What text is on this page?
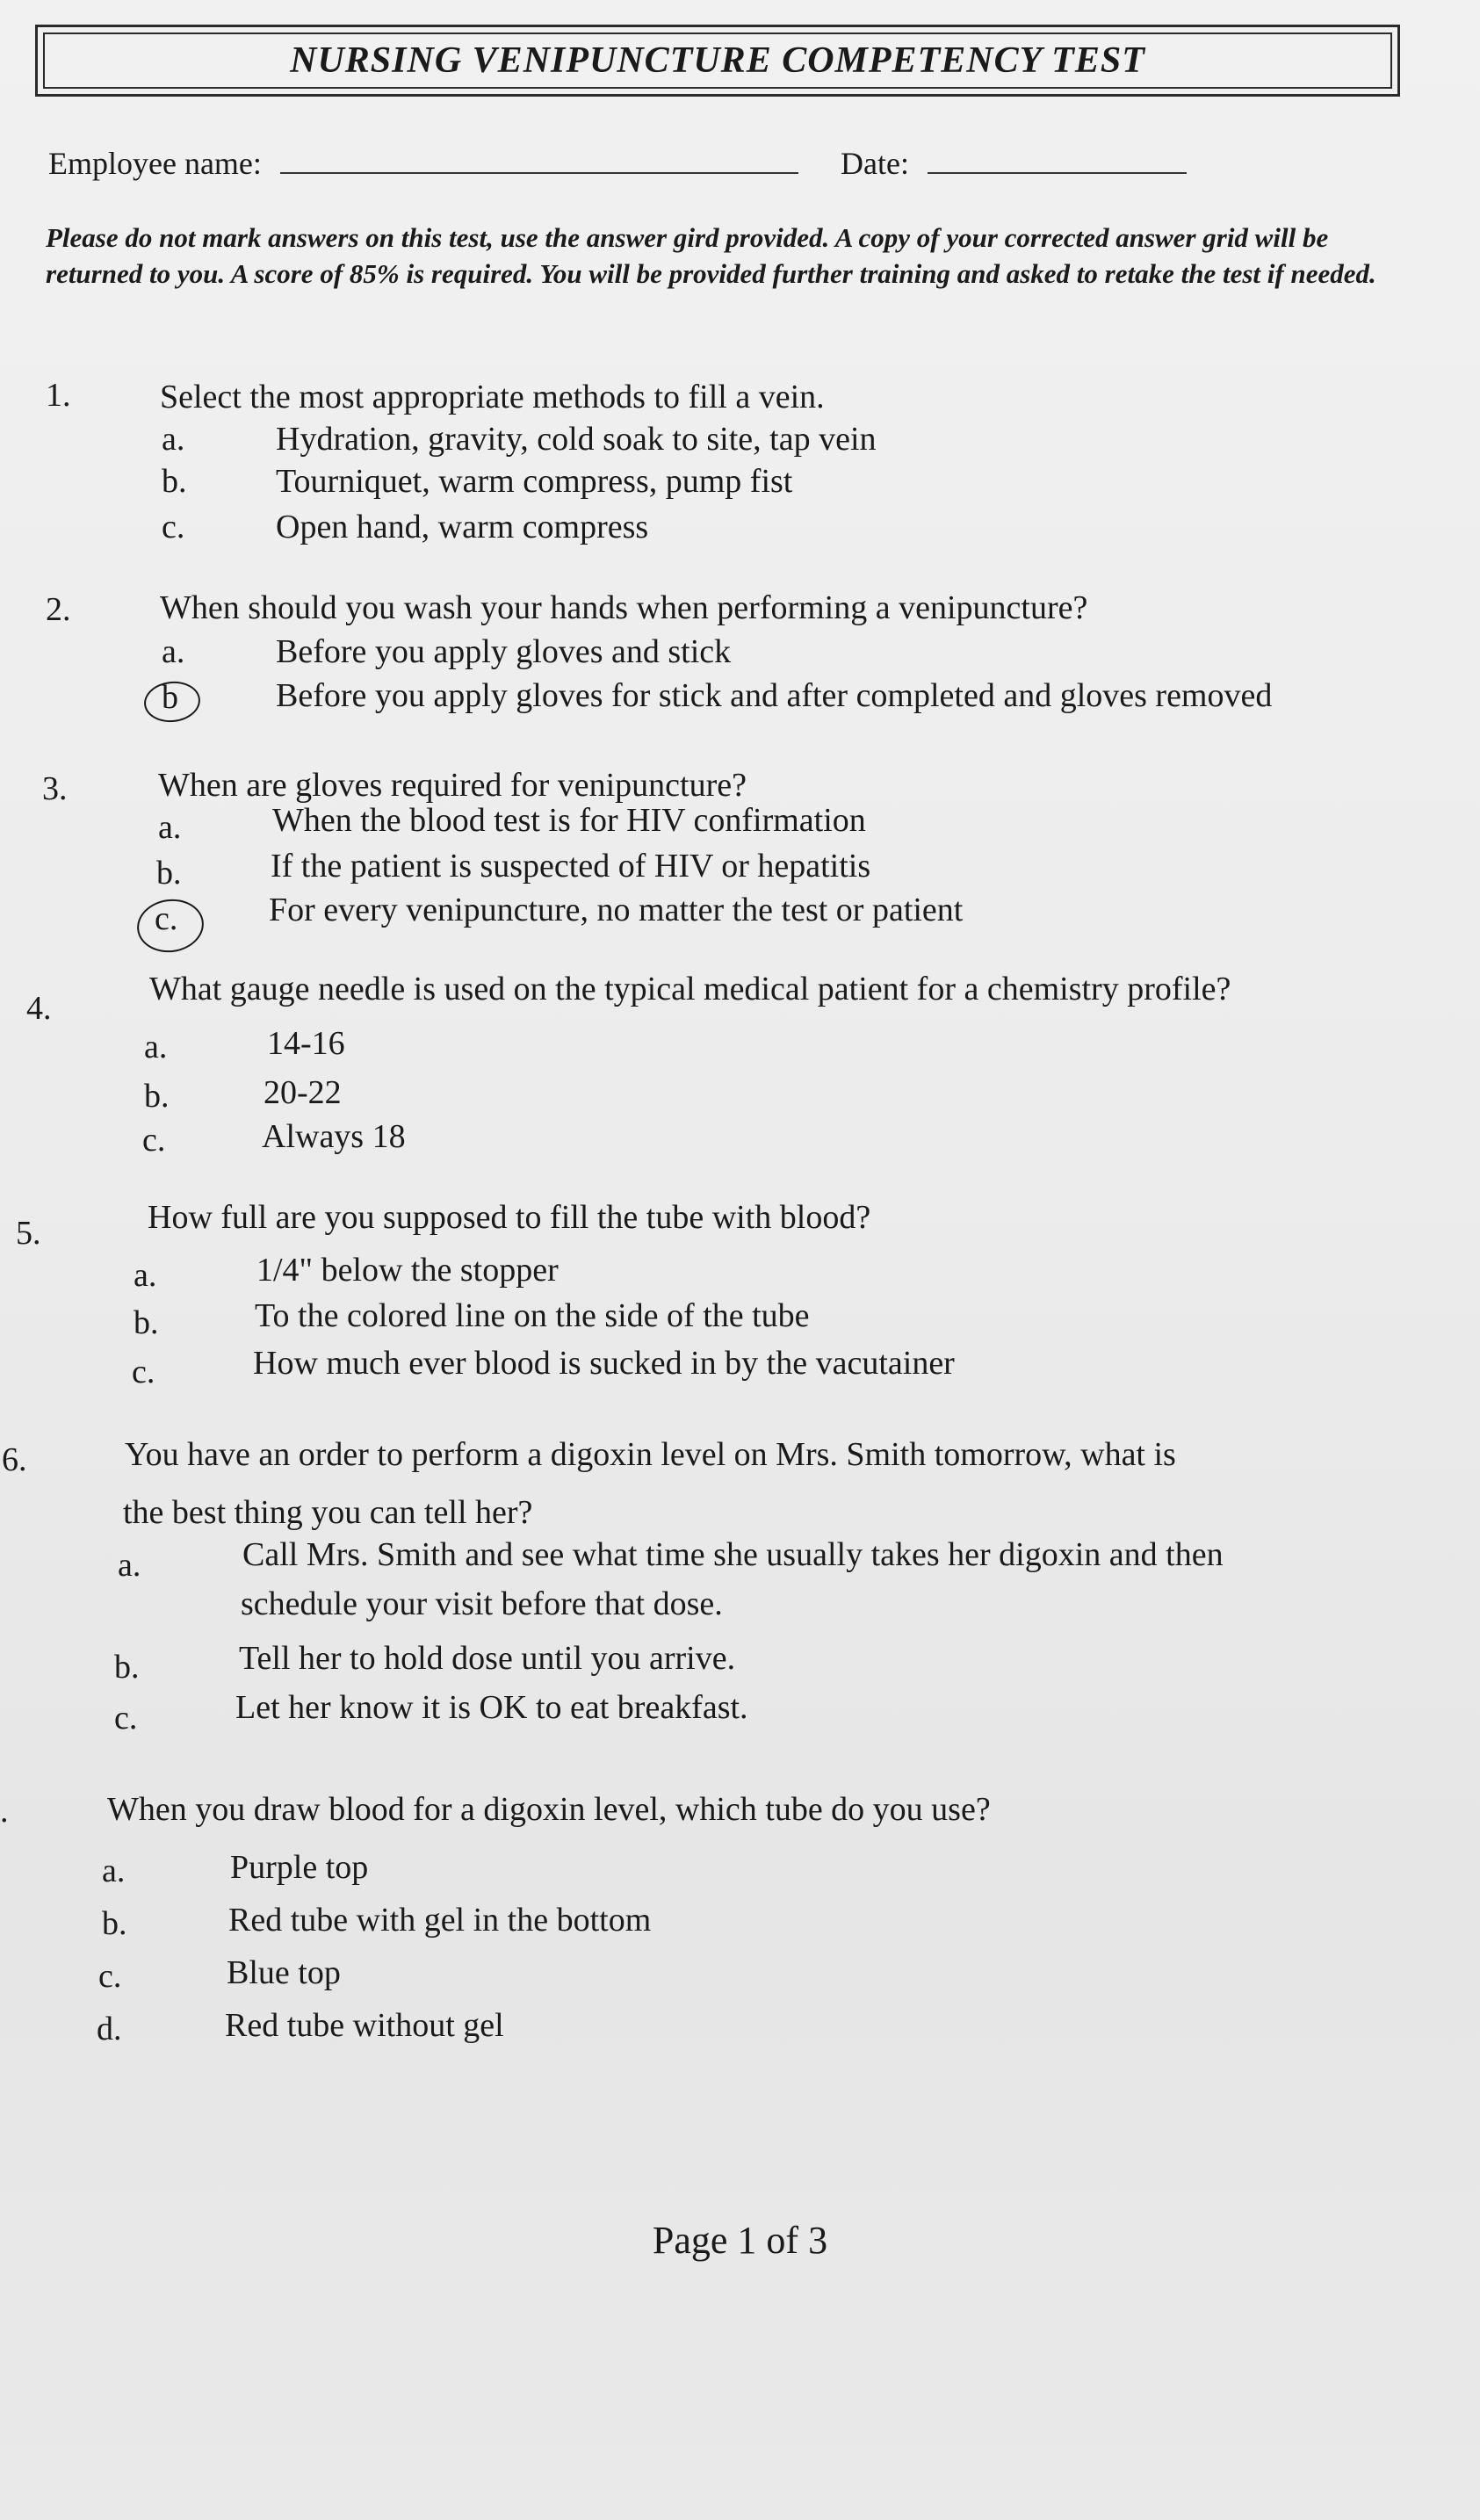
NURSING VENIPUNCTURE COMPETENCY TEST
Employee name:	Date:
Please do not mark answers on this test, use the answer gird provided. A copy of your corrected answer grid will be returned to you. A score of 85% is required. You will be provided further training and asked to retake the test if needed.
1.	Select the most appropriate methods to fill a vein.
a.	Hydration, gravity, cold soak to site, tap vein
b.	Tourniquet, warm compress, pump fist
c.	Open hand, warm compress
2.	When should you wash your hands when performing a venipuncture?
a.	Before you apply gloves and stick
b	Before you apply gloves for stick and after completed and gloves removed
3.	When are gloves required for venipuncture?
a.	When the blood test is for HIV confirmation
b.	If the patient is suspected of HIV or hepatitis
c.	For every venipuncture, no matter the test or patient
4.
What gauge needle is used on the typical medical patient for a chemistry profile?
a.	14-16
b.	20-22
c.	Always 18
5.	How full are you supposed to fill the tube with blood?
a.	1/4" below the stopper
b.	To the colored line on the side of the tube
c.	How much ever blood is sucked in by the vacutainer
6.	You have an order to perform a digoxin level on Mrs. Smith tomorrow, what is
the best thing you can tell her?
a.	Call Mrs. Smith and see what time she usually takes her digoxin and then
schedule your visit before that dose.
b.	Tell her to hold dose until you arrive.
c.	Let her know it is OK to eat breakfast.
.	When you draw blood for a digoxin level, which tube do you use?
a.	Purple top
b.	Red tube with gel in the bottom
c.	Blue top
d.	Red tube without gel
Page 1 of 3
